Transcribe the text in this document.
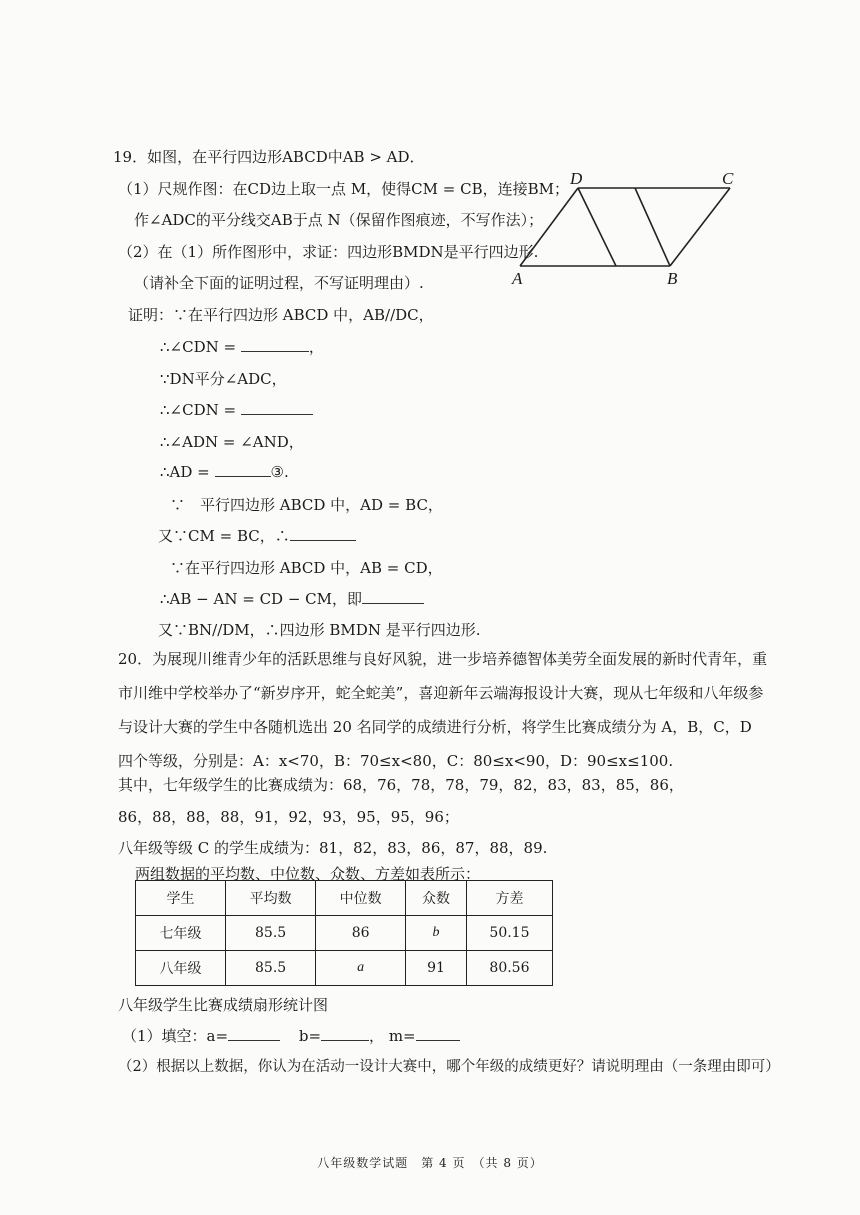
19．如图，在平行四边形ABCD中AB > AD．
（1）尺规作图：在CD边上取一点 M，使得CM = CB，连接BM；
作∠ADC的平分线交AB于点 N（保留作图痕迹，不写作法）；
（2）在（1）所作图形中，求证：四边形BMDN是平行四边形.
（请补全下面的证明过程，不写证明理由）.	A	B
C
D
证明：∵在平行四边形 ABCD 中，AB//DC，
∴∠CDN =	，
∵DN平分∠ADC，
∴∠CDN =
∴∠ADN = ∠AND，
∴AD =	③.
∵　平行四边形 ABCD 中，AD = BC，
又∵CM = BC，∴
∵在平行四边形 ABCD 中，AB = CD，
∴AB − AN = CD − CM，即
又∵BN//DM，∴四边形 BMDN 是平行四边形.
20．为展现川维青少年的活跃思维与良好风貌，进一步培养德智体美劳全面发展的新时代青年，重市川维中学校举办了“新岁序开，蛇全蛇美”，喜迎新年云端海报设计大赛，现从七年级和八年级参与设计大赛的学生中各随机选出 20 名同学的成绩进行分析，将学生比赛成绩分为 A，B，C，D 四个等级，分别是：A：x<70，B：70≤x<80，C：80≤x<90，D：90≤x≤100.
其中，七年级学生的比赛成绩为：68，76，78，78，79，82，83，83，85，86，
86，88，88，88，91，92，93，95，95，96；
八年级等级 C 的学生成绩为：81，82，83，86，87，88，89.
两组数据的平均数、中位数、众数、方差如表所示：
学生	平均数	中位数	众数	方差
七年级	85.5	86	b	50.15
八年级	85.5	a	91	80.56
八年级学生比赛成绩扇形统计图
（1）填空：a=	b=	， m=
（2）根据以上数据，你认为在活动一设计大赛中，哪个年级的成绩更好？请说明理由（一条理由即可）
八年级数学试题　第 4 页　（共 8 页）
